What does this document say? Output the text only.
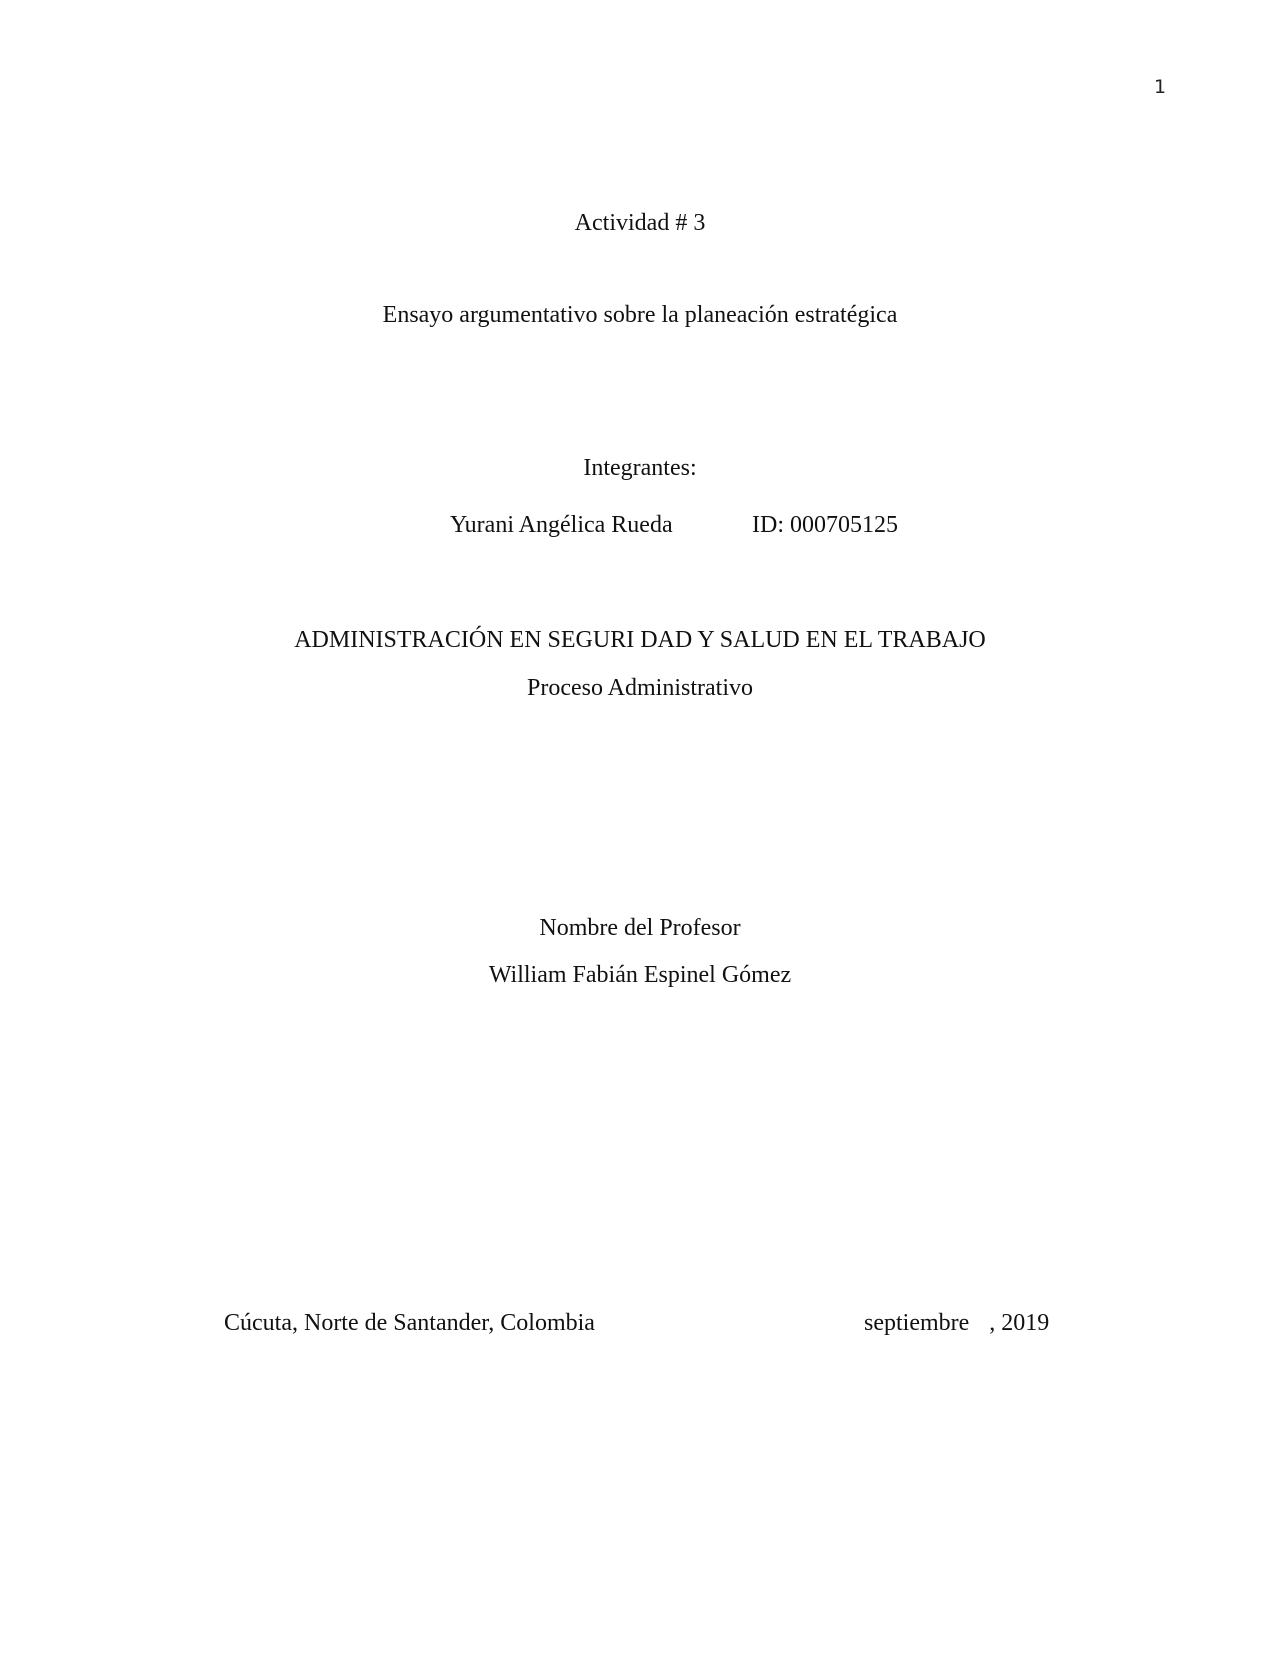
1
Actividad # 3
Ensayo argumentativo sobre la planeación estratégica
Integrantes:
Yurani Angélica Rueda	ID: 000705125
ADMINISTRACIÓN EN SEGURI DAD Y SALUD EN EL TRABAJO
Proceso Administrativo
Nombre del Profesor
William Fabián Espinel Gómez
Cúcuta, Norte de Santander, Colombia	septiembre , 2019
